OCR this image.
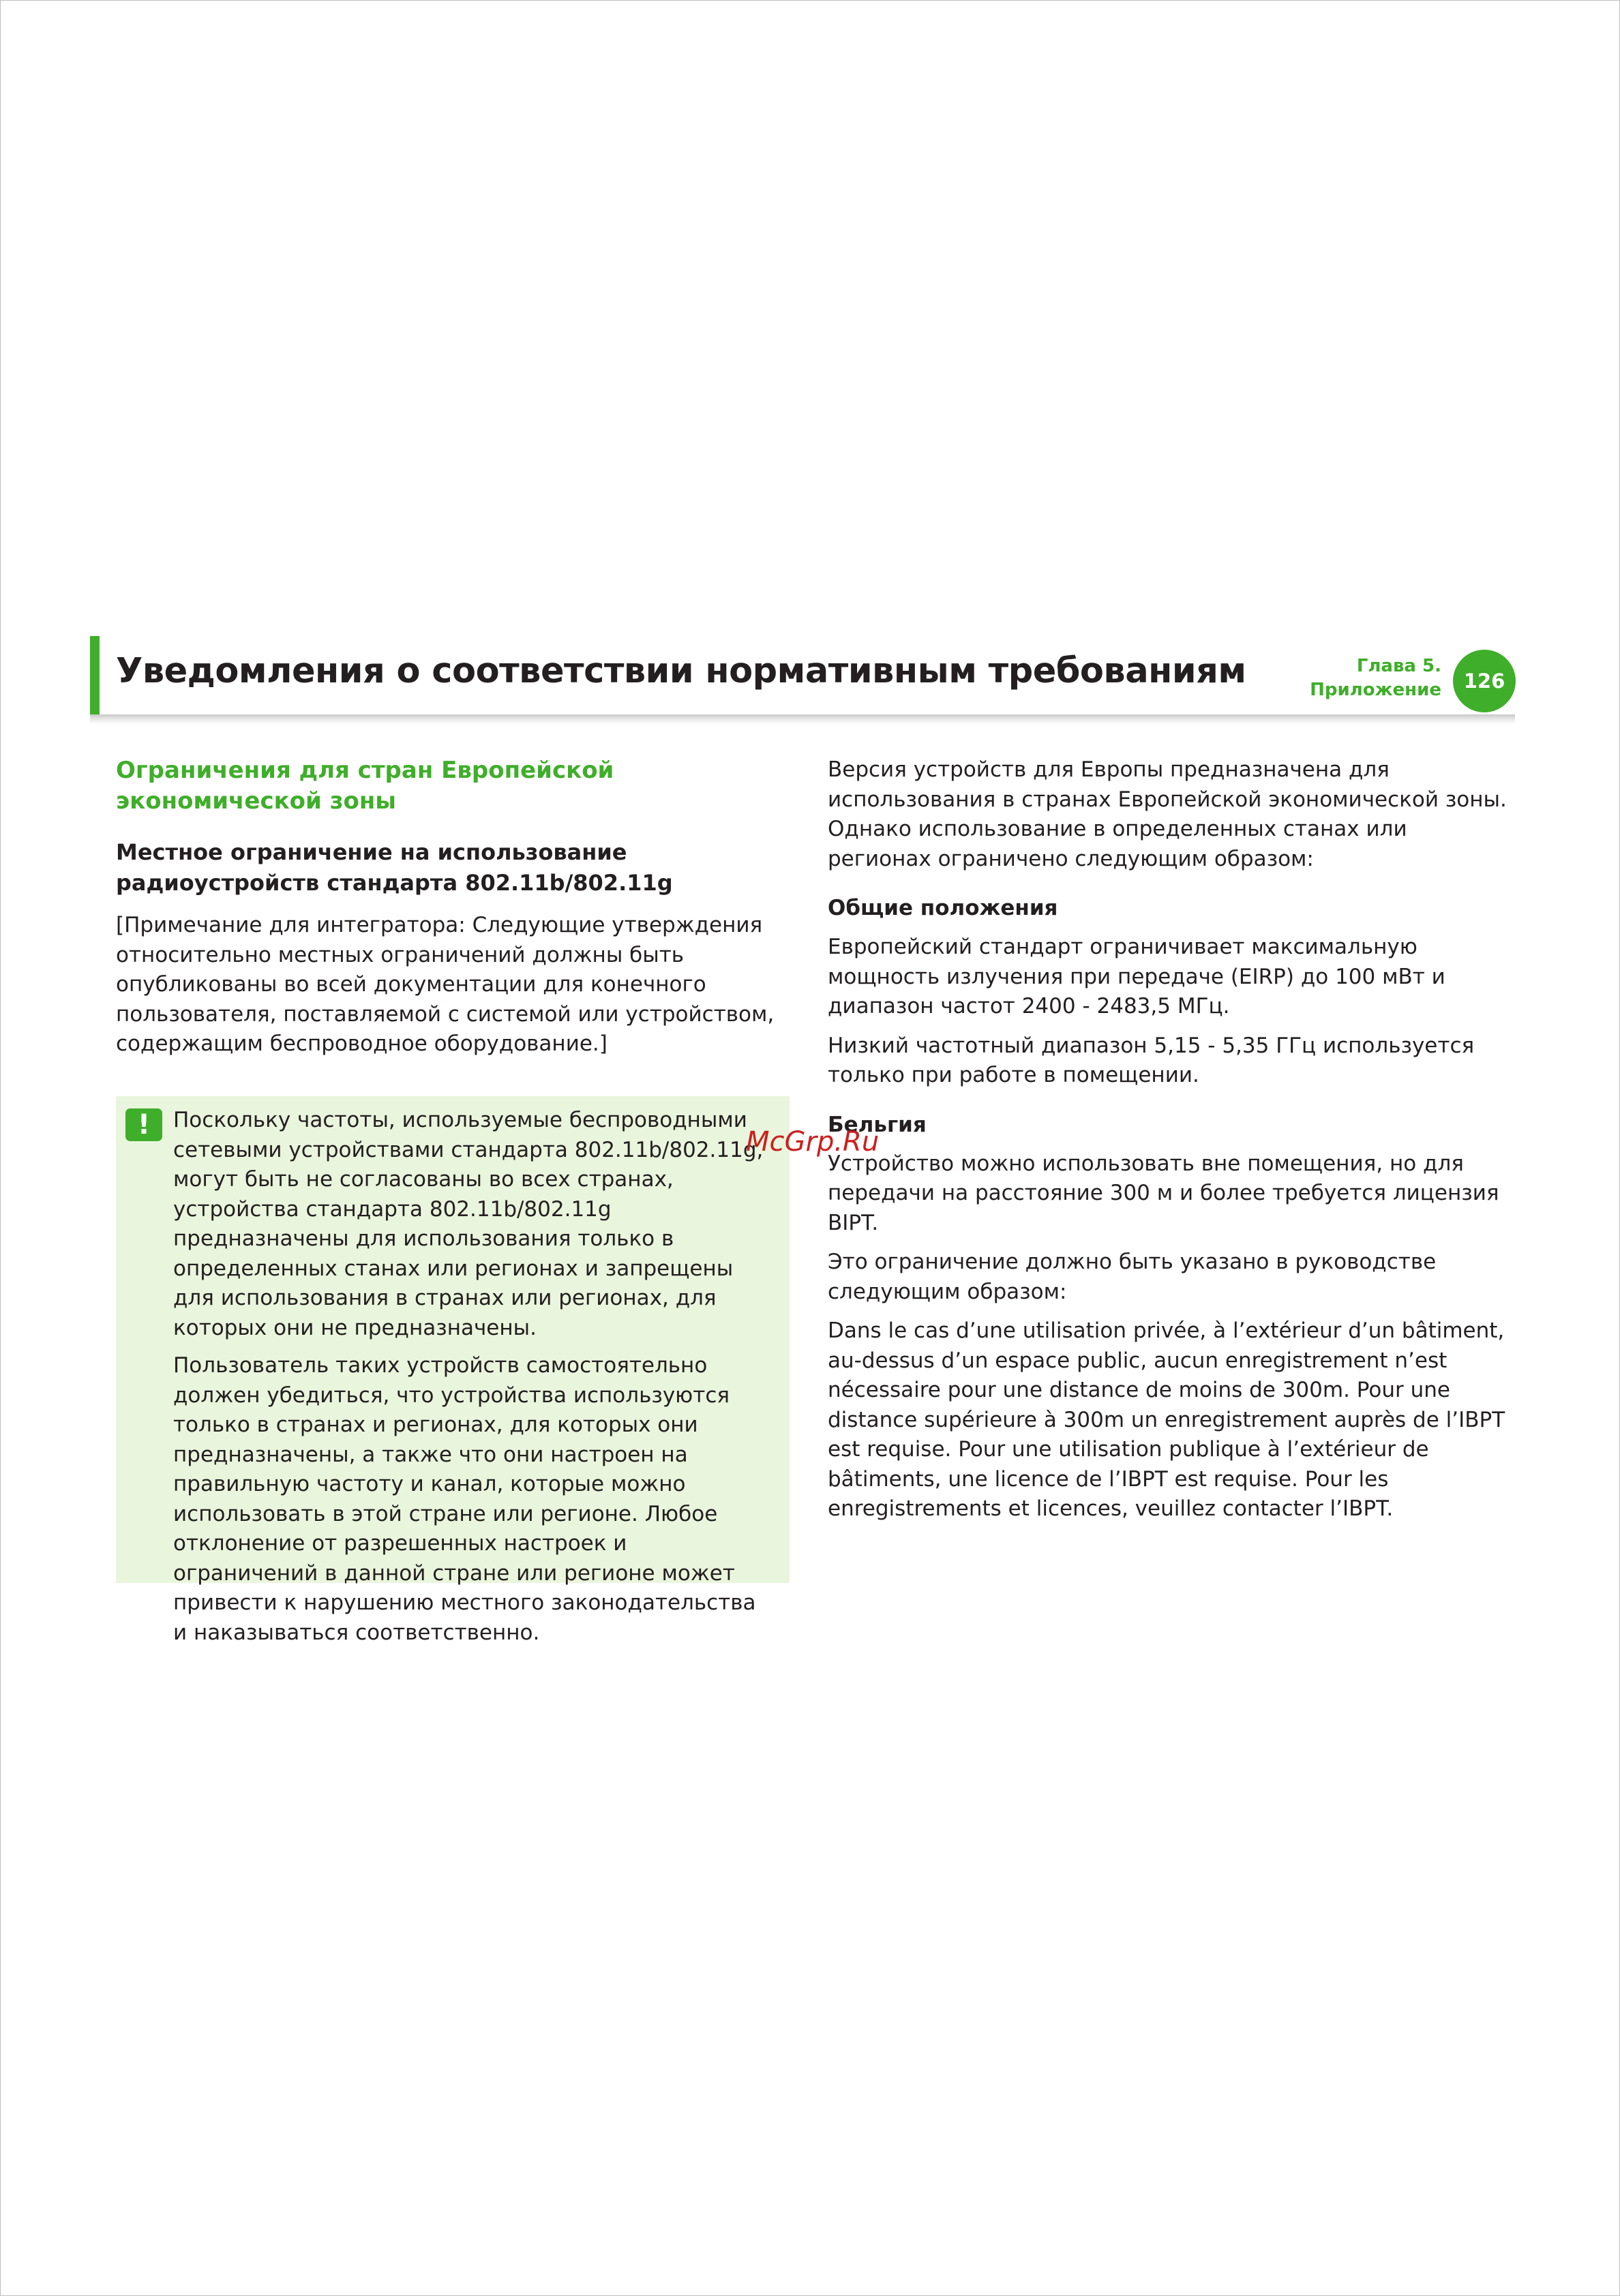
Уведомления о соответствии нормативным требованиям	Глава 5.
Приложение	126
Ограничения для стран Европейской экономической зоны
Местное ограничение на использование радиоустройств стандарта 802.11b/802.11g
[Примечание для интегратора: Следующие утверждения относительно местных ограничений должны быть опубликованы во всей документации для конечного пользователя, поставляемой с системой или устройством, содержащим беспроводное оборудование.]
!	Поскольку частоты, используемые беспроводными сетевыми устройствами стандарта 802.11b/802.11g, могут быть не согласованы во всех странах, устройства стандарта 802.11b/802.11g предназначены для использования только в определенных станах или регионах и запрещены для использования в странах или регионах, для которых они не предназначены.
Пользователь таких устройств самостоятельно должен убедиться, что устройства используются только в странах и регионах, для которых они предназначены, а также что они настроен на правильную частоту и канал, которые можно использовать в этой стране или регионе. Любое отклонение от разрешенных настроек и ограничений в данной стране или регионе может привести к нарушению местного законодательства и наказываться соответственно.
Версия устройств для Европы предназначена для использования в странах Европейской экономической зоны. Однако использование в определенных станах или регионах ограничено следующим образом:
Общие положения
Европейский стандарт ограничивает максимальную мощность излучения при передаче (EIRP) до 100 мВт и диапазон частот 2400 - 2483,5 МГц.
Низкий частотный диапазон 5,15 - 5,35 ГГц используется только при работе в помещении.
Бельгия
Устройство можно использовать вне помещения, но для передачи на расстояние 300 м и более требуется лицензия BIPT.
Это ограничение должно быть указано в руководстве следующим образом:
Dans le cas d’une utilisation privée, à l’extérieur d’un bâtiment, au-dessus d’un espace public, aucun enregistrement n’est nécessaire pour une distance de moins de 300m. Pour une distance supérieure à 300m un enregistrement auprès de l’IBPT est requise. Pour une utilisation publique à l’extérieur de bâtiments, une licence de l’IBPT est requise. Pour les enregistrements et licences, veuillez contacter l’IBPT.
McGrp.Ru
